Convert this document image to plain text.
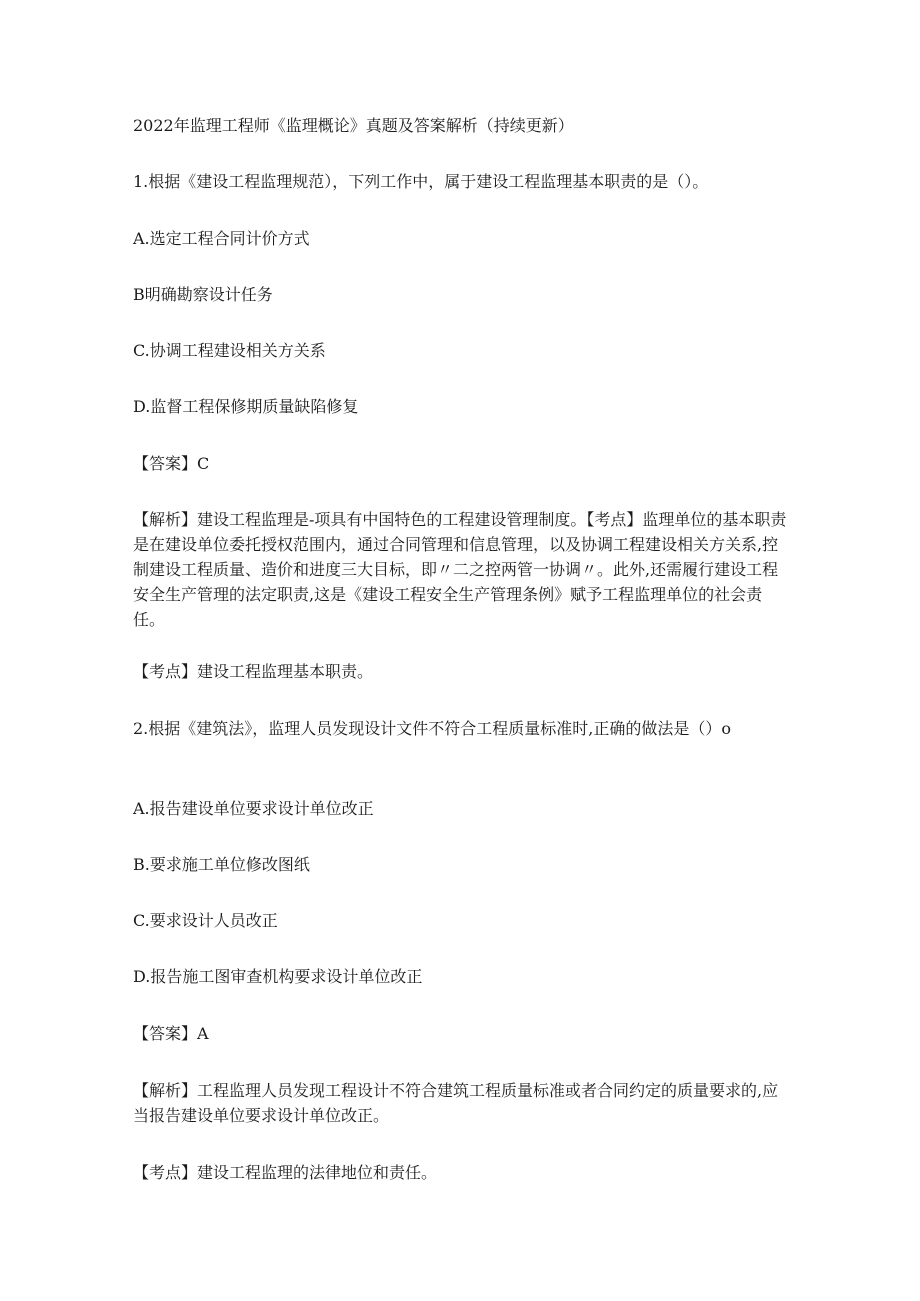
2022年监理工程师《监理概论》真题及答案解析（持续更新）
1.根据《建设工程监理规范），下列工作中，属于建设工程监理基本职责的是（）。
A.选定工程合同计价方式
B明确勘察设计任务
C.协调工程建设相关方关系
D.监督工程保修期质量缺陷修复
【答案】C
【解析】建设工程监理是-项具有中国特色的工程建设管理制度。【考点】监理单位的基本职责是在建设单位委托授权范围内，通过合同管理和信息管理，以及协调工程建设相关方关系,控制建设工程质量、造价和进度三大目标，即〃二之控两管一协调〃。此外,还需履行建设工程安全生产管理的法定职责,这是《建设工程安全生产管理条例》赋予工程监理单位的社会责任。
【考点】建设工程监理基本职责。
2.根据《建筑法》，监理人员发现设计文件不符合工程质量标准时,正确的做法是（）o
A.报告建设单位要求设计单位改正
B.要求施工单位修改图纸
C.要求设计人员改正
D.报告施工图审查机构要求设计单位改正
【答案】A
【解析】工程监理人员发现工程设计不符合建筑工程质量标准或者合同约定的质量要求的,应当报告建设单位要求设计单位改正。
【考点】建设工程监理的法律地位和责任。
